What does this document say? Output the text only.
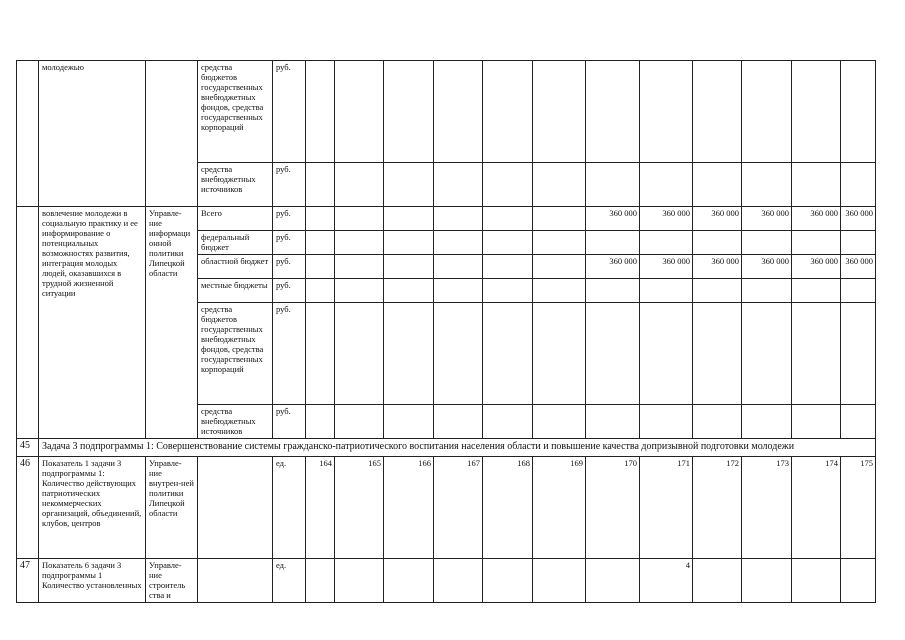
	молодежью		средства бюджетов государственных внебюджетных фондов, средства государственных корпораций	руб.												
			средства внебюджетных источников	руб.												
	вовлечение молодежи в социальную практику и ее информирование о потенциальных возможностях развития, интеграция молодых людей, оказавшихся в трудной жизненной ситуации	Управле-ние информационной политики Липецкой области	Всего	руб.							360 000	360 000	360 000	360 000	360 000	360 000
			федеральный бюджет	руб.												
			областной бюджет	руб.							360 000	360 000	360 000	360 000	360 000	360 000
			местные бюджеты	руб.												
			средства бюджетов государственных внебюджетных фондов, средства государственных корпораций	руб.												
			средства внебюджетных источников	руб.												
45	Задача 3 подпрограммы 1: Совершенствование системы гражданско-патриотического воспитания населения области и повышение качества допризывной подготовки молодежи															
46	Показатель 1 задачи 3 подпрограммы 1: Количество действующих патриотических некоммерческих организаций, объединений, клубов, центров	Управле-ние внутрен-ней политики Липецкой области		ед.	164	165	166	167	168	169	170	171	172	173	174	175
47	Показатель 6 задачи 3 подпрограммы 1 Количество установленных	Управле-ние строитель ства и		ед.								4				
